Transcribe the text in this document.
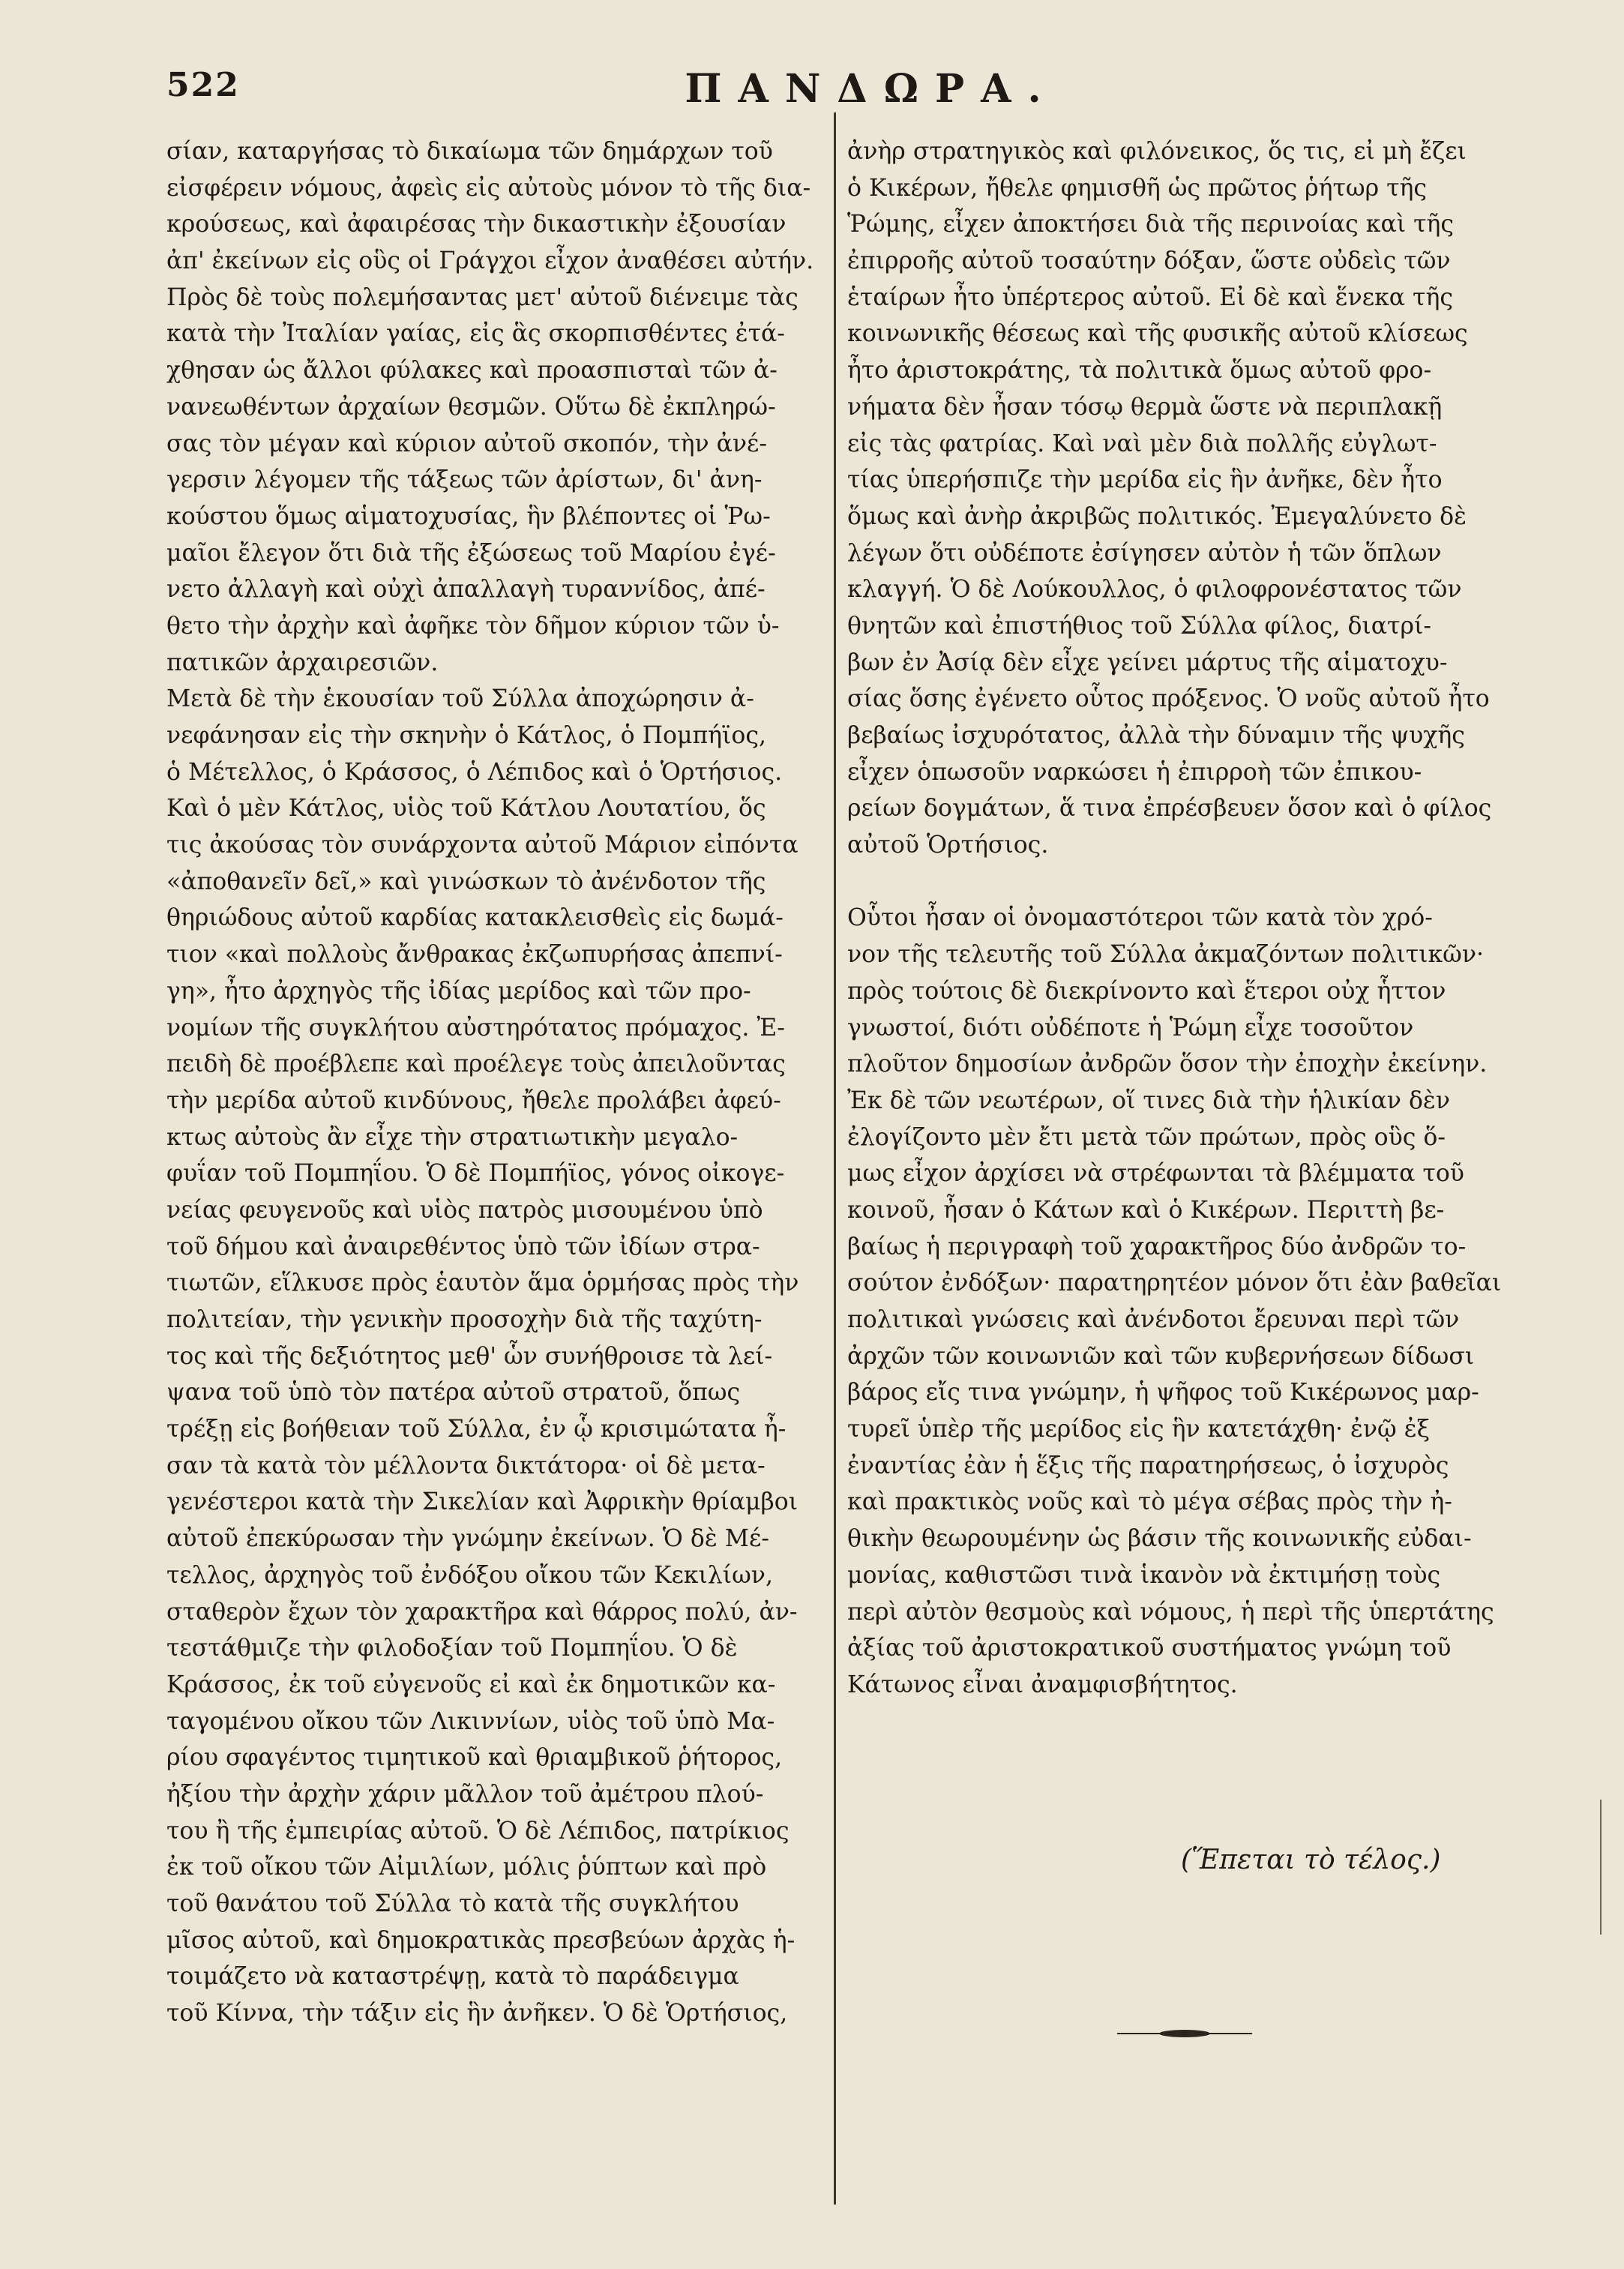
522	ΠΑΝΔΩΡΑ.
σίαν, καταργήσας τὸ δικαίωμα τῶν δημάρχων τοῦ
εἰσφέρειν νόμους, ἀφεὶς εἰς αὐτοὺς μόνον τὸ τῆς δια-
κρούσεως, καὶ ἀφαιρέσας τὴν δικαστικὴν ἐξουσίαν
ἀπ' ἐκείνων εἰς οὓς οἱ Γράγχοι εἶχον ἀναθέσει αὐτήν.
Πρὸς δὲ τοὺς πολεμήσαντας μετ' αὐτοῦ διένειμε τὰς
κατὰ τὴν Ἰταλίαν γαίας, εἰς ἃς σκορπισθέντες ἐτά-
χθησαν ὡς ἄλλοι φύλακες καὶ προασπισταὶ τῶν ἀ-
νανεωθέντων ἀρχαίων θεσμῶν. Οὕτω δὲ ἐκπληρώ-
σας τὸν μέγαν καὶ κύριον αὐτοῦ σκοπόν, τὴν ἀνέ-
γερσιν λέγομεν τῆς τάξεως τῶν ἀρίστων, δι' ἀνη-
κούστου ὅμως αἱματοχυσίας, ἣν βλέποντες οἱ Ῥω-
μαῖοι ἔλεγον ὅτι διὰ τῆς ἐξώσεως τοῦ Μαρίου ἐγέ-
νετο ἀλλαγὴ καὶ οὐχὶ ἀπαλλαγὴ τυραννίδος, ἀπέ-
θετο τὴν ἀρχὴν καὶ ἀφῆκε τὸν δῆμον κύριον τῶν ὑ-
πατικῶν ἀρχαιρεσιῶν.
Μετὰ δὲ τὴν ἑκουσίαν τοῦ Σύλλα ἀποχώρησιν ἀ-
νεφάνησαν εἰς τὴν σκηνὴν ὁ Κάτλος, ὁ Πομπήϊος,
ὁ Μέτελλος, ὁ Κράσσος, ὁ Λέπιδος καὶ ὁ Ὁρτήσιος.
Καὶ ὁ μὲν Κάτλος, υἱὸς τοῦ Κάτλου Λουτατίου, ὅς
τις ἀκούσας τὸν συνάρχοντα αὐτοῦ Μάριον εἰπόντα
«ἀποθανεῖν δεῖ,» καὶ γινώσκων τὸ ἀνένδοτον τῆς
θηριώδους αὐτοῦ καρδίας κατακλεισθεὶς εἰς δωμά-
τιον «καὶ πολλοὺς ἄνθρακας ἐκζωπυρήσας ἀπεπνί-
γη», ἦτο ἀρχηγὸς τῆς ἰδίας μερίδος καὶ τῶν προ-
νομίων τῆς συγκλήτου αὐστηρότατος πρόμαχος. Ἐ-
πειδὴ δὲ προέβλεπε καὶ προέλεγε τοὺς ἀπειλοῦντας
τὴν μερίδα αὐτοῦ κινδύνους, ἤθελε προλάβει ἀφεύ-
κτως αὐτοὺς ἂν εἶχε τὴν στρατιωτικὴν μεγαλο-
φυΐαν τοῦ Πομπηΐου. Ὁ δὲ Πομπήϊος, γόνος οἰκογε-
νείας φευγενοῦς καὶ υἱὸς πατρὸς μισουμένου ὑπὸ
τοῦ δήμου καὶ ἀναιρεθέντος ὑπὸ τῶν ἰδίων στρα-
τιωτῶν, εἵλκυσε πρὸς ἑαυτὸν ἅμα ὁρμήσας πρὸς τὴν
πολιτείαν, τὴν γενικὴν προσοχὴν διὰ τῆς ταχύτη-
τος καὶ τῆς δεξιότητος μεθ' ὧν συνήθροισε τὰ λεί-
ψανα τοῦ ὑπὸ τὸν πατέρα αὐτοῦ στρατοῦ, ὅπως
τρέξῃ εἰς βοήθειαν τοῦ Σύλλα, ἐν ᾧ κρισιμώτατα ἦ-
σαν τὰ κατὰ τὸν μέλλοντα δικτάτορα· οἱ δὲ μετα-
γενέστεροι κατὰ τὴν Σικελίαν καὶ Ἀφρικὴν θρίαμβοι
αὐτοῦ ἐπεκύρωσαν τὴν γνώμην ἐκείνων. Ὁ δὲ Μέ-
τελλος, ἀρχηγὸς τοῦ ἐνδόξου οἴκου τῶν Κεκιλίων,
σταθερὸν ἔχων τὸν χαρακτῆρα καὶ θάρρος πολύ, ἀν-
τεστάθμιζε τὴν φιλοδοξίαν τοῦ Πομπηΐου. Ὁ δὲ
Κράσσος, ἐκ τοῦ εὐγενοῦς εἰ καὶ ἐκ δημοτικῶν κα-
ταγομένου οἴκου τῶν Λικιννίων, υἱὸς τοῦ ὑπὸ Μα-
ρίου σφαγέντος τιμητικοῦ καὶ θριαμβικοῦ ῥήτορος,
ἠξίου τὴν ἀρχὴν χάριν μᾶλλον τοῦ ἀμέτρου πλού-
του ἢ τῆς ἐμπειρίας αὐτοῦ. Ὁ δὲ Λέπιδος, πατρίκιος
ἐκ τοῦ οἴκου τῶν Αἰμιλίων, μόλις ῥύπτων καὶ πρὸ
τοῦ θανάτου τοῦ Σύλλα τὸ κατὰ τῆς συγκλήτου
μῖσος αὐτοῦ, καὶ δημοκρατικὰς πρεσβεύων ἀρχὰς ἡ-
τοιμάζετο νὰ καταστρέψῃ, κατὰ τὸ παράδειγμα
τοῦ Κίννα, τὴν τάξιν εἰς ἣν ἀνῆκεν. Ὁ δὲ Ὁρτήσιος,
ἀνὴρ στρατηγικὸς καὶ φιλόνεικος, ὅς τις, εἰ μὴ ἔζει
ὁ Κικέρων, ἤθελε φημισθῆ ὡς πρῶτος ῥήτωρ τῆς
Ῥώμης, εἶχεν ἀποκτήσει διὰ τῆς περινοίας καὶ τῆς
ἐπιρροῆς αὐτοῦ τοσαύτην δόξαν, ὥστε οὐδεὶς τῶν
ἑταίρων ἦτο ὑπέρτερος αὐτοῦ. Εἰ δὲ καὶ ἕνεκα τῆς
κοινωνικῆς θέσεως καὶ τῆς φυσικῆς αὐτοῦ κλίσεως
ἦτο ἀριστοκράτης, τὰ πολιτικὰ ὅμως αὐτοῦ φρο-
νήματα δὲν ἦσαν τόσῳ θερμὰ ὥστε νὰ περιπλακῇ
εἰς τὰς φατρίας. Καὶ ναὶ μὲν διὰ πολλῆς εὐγλωτ-
τίας ὑπερήσπιζε τὴν μερίδα εἰς ἣν ἀνῆκε, δὲν ἦτο
ὅμως καὶ ἀνὴρ ἀκριβῶς πολιτικός. Ἐμεγαλύνετο δὲ
λέγων ὅτι οὐδέποτε ἐσίγησεν αὐτὸν ἡ τῶν ὅπλων
κλαγγή. Ὁ δὲ Λούκουλλος, ὁ φιλοφρονέστατος τῶν
θνητῶν καὶ ἐπιστήθιος τοῦ Σύλλα φίλος, διατρί-
βων ἐν Ἀσίᾳ δὲν εἶχε γείνει μάρτυς τῆς αἱματοχυ-
σίας ὅσης ἐγένετο οὗτος πρόξενος. Ὁ νοῦς αὐτοῦ ἦτο
βεβαίως ἰσχυρότατος, ἀλλὰ τὴν δύναμιν τῆς ψυχῆς
εἶχεν ὁπωσοῦν ναρκώσει ἡ ἐπιρροὴ τῶν ἐπικου-
ρείων δογμάτων, ἅ τινα ἐπρέσβευεν ὅσον καὶ ὁ φίλος
αὐτοῦ Ὁρτήσιος.
Οὗτοι ἦσαν οἱ ὀνομαστότεροι τῶν κατὰ τὸν χρό-
νον τῆς τελευτῆς τοῦ Σύλλα ἀκμαζόντων πολιτικῶν·
πρὸς τούτοις δὲ διεκρίνοντο καὶ ἕτεροι οὐχ ἧττον
γνωστοί, διότι οὐδέποτε ἡ Ῥώμη εἶχε τοσοῦτον
πλοῦτον δημοσίων ἀνδρῶν ὅσον τὴν ἐποχὴν ἐκείνην.
Ἐκ δὲ τῶν νεωτέρων, οἵ τινες διὰ τὴν ἡλικίαν δὲν
ἐλογίζοντο μὲν ἔτι μετὰ τῶν πρώτων, πρὸς οὓς ὅ-
μως εἶχον ἀρχίσει νὰ στρέφωνται τὰ βλέμματα τοῦ
κοινοῦ, ἦσαν ὁ Κάτων καὶ ὁ Κικέρων. Περιττὴ βε-
βαίως ἡ περιγραφὴ τοῦ χαρακτῆρος δύο ἀνδρῶν το-
σούτον ἐνδόξων· παρατηρητέον μόνον ὅτι ἐὰν βαθεῖαι
πολιτικαὶ γνώσεις καὶ ἀνένδοτοι ἔρευναι περὶ τῶν
ἀρχῶν τῶν κοινωνιῶν καὶ τῶν κυβερνήσεων δίδωσι
βάρος εἴς τινα γνώμην, ἡ ψῆφος τοῦ Κικέρωνος μαρ-
τυρεῖ ὑπὲρ τῆς μερίδος εἰς ἣν κατετάχθη· ἐνῷ ἐξ
ἐναντίας ἐὰν ἡ ἕξις τῆς παρατηρήσεως, ὁ ἰσχυρὸς
καὶ πρακτικὸς νοῦς καὶ τὸ μέγα σέβας πρὸς τὴν ἠ-
θικὴν θεωρουμένην ὡς βάσιν τῆς κοινωνικῆς εὐδαι-
μονίας, καθιστῶσι τινὰ ἱκανὸν νὰ ἐκτιμήσῃ τοὺς
περὶ αὐτὸν θεσμοὺς καὶ νόμους, ἡ περὶ τῆς ὑπερτάτης
ἀξίας τοῦ ἀριστοκρατικοῦ συστήματος γνώμη τοῦ
Κάτωνος εἶναι ἀναμφισβήτητος.
(Ἕπεται τὸ τέλος.)
